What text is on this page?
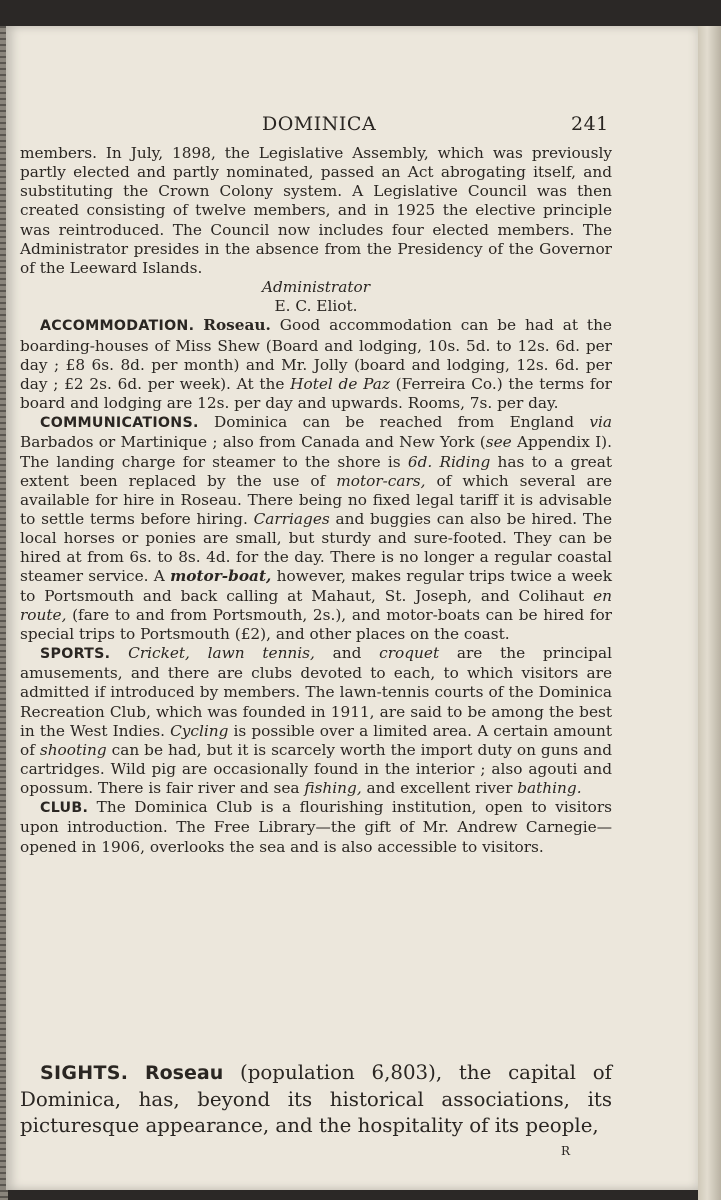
DOMINICA	241

members. In July, 1898, the Legislative Assembly, which was previously partly elected and partly nominated, passed an Act abrogating itself, and substituting the Crown Colony system. A Legislative Council was then created consisting of twelve members, and in 1925 the elective principle was reintroduced. The Council now includes four elected members. The Administrator presides in the absence from the Presidency of the Governor of the Leeward Islands.

Administrator

E. C. Eliot.

ACCOMMODATION. Roseau. Good accommodation can be had at the boarding-houses of Miss Shew (Board and lodging, 10s. 5d. to 12s. 6d. per day ; £8 6s. 8d. per month) and Mr. Jolly (board and lodging, 12s. 6d. per day ; £2 2s. 6d. per week). At the Hotel de Paz (Ferreira Co.) the terms for board and lodging are 12s. per day and upwards. Rooms, 7s. per day.

COMMUNICATIONS. Dominica can be reached from England via Barbados or Martinique ; also from Canada and New York (see Appendix I). The landing charge for steamer to the shore is 6d. Riding has to a great extent been replaced by the use of motor-cars, of which several are available for hire in Roseau. There being no fixed legal tariff it is advisable to settle terms before hiring. Carriages and buggies can also be hired. The local horses or ponies are small, but sturdy and sure-footed. They can be hired at from 6s. to 8s. 4d. for the day. There is no longer a regular coastal steamer service. A motor-boat, however, makes regular trips twice a week to Portsmouth and back calling at Mahaut, St. Joseph, and Colihaut en route, (fare to and from Portsmouth, 2s.), and motor-boats can be hired for special trips to Portsmouth (£2), and other places on the coast.

SPORTS. Cricket, lawn tennis, and croquet are the principal amusements, and there are clubs devoted to each, to which visitors are admitted if introduced by members. The lawn-tennis courts of the Dominica Recreation Club, which was founded in 1911, are said to be among the best in the West Indies. Cycling is possible over a limited area. A certain amount of shooting can be had, but it is scarcely worth the import duty on guns and cartridges. Wild pig are occasionally found in the interior ; also agouti and opossum. There is fair river and sea fishing, and excellent river bathing.

CLUB. The Dominica Club is a flourishing institution, open to visitors upon introduction. The Free Library—the gift of Mr. Andrew Carnegie—opened in 1906, overlooks the sea and is also accessible to visitors.

SIGHTS. Roseau (population 6,803), the capital of Dominica, has, beyond its historical associations, its picturesque appearance, and the hospitality of its people,

R
